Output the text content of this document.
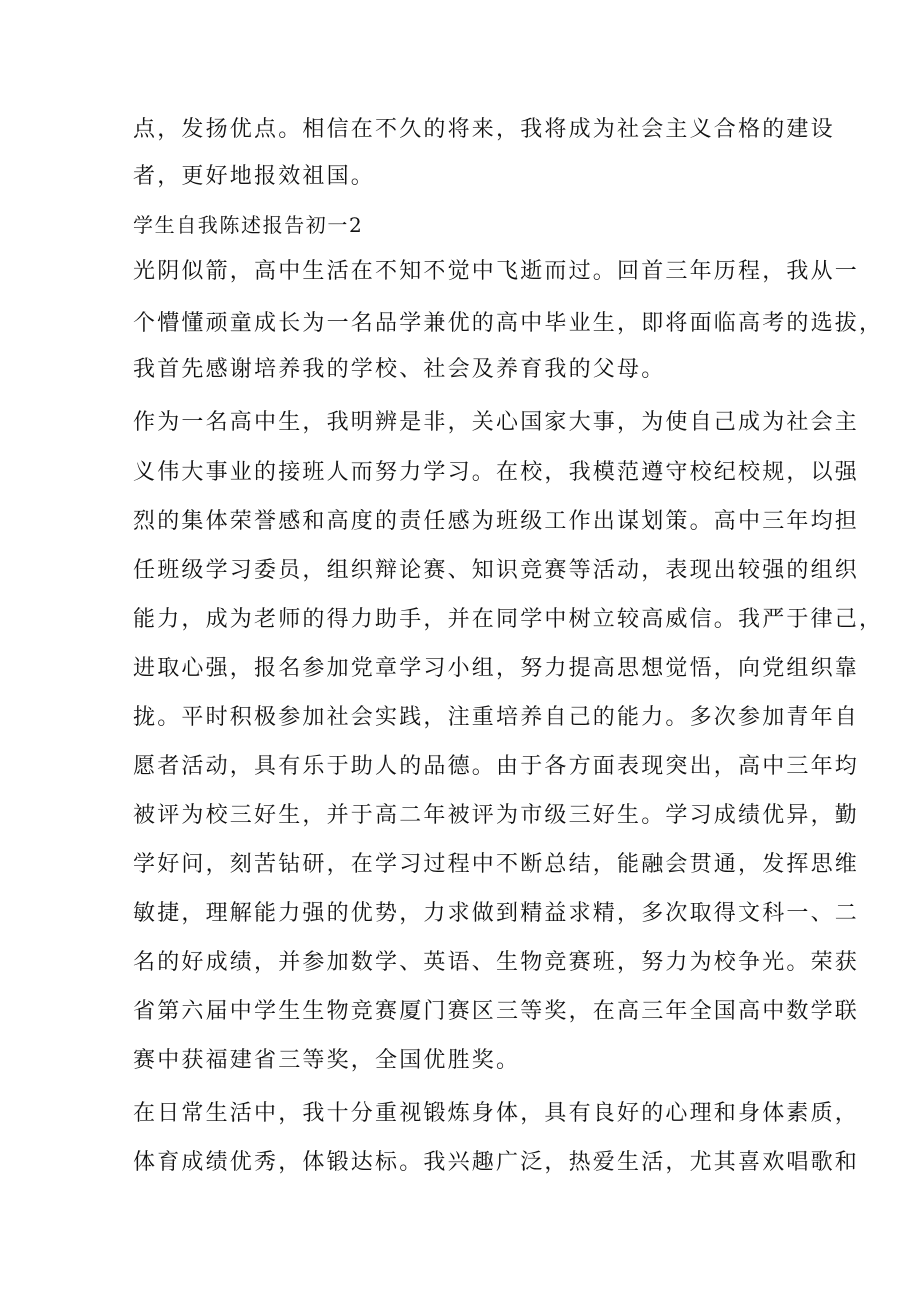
点，发扬优点。相信在不久的将来，我将成为社会主义合格的建设
者，更好地报效祖国。
学生自我陈述报告初一2
光阴似箭，高中生活在不知不觉中飞逝而过。回首三年历程，我从一
个懵懂顽童成长为一名品学兼优的高中毕业生，即将面临高考的选拔，
我首先感谢培养我的学校、社会及养育我的父母。
作为一名高中生，我明辨是非，关心国家大事，为使自己成为社会主
义伟大事业的接班人而努力学习。在校，我模范遵守校纪校规，以强
烈的集体荣誉感和高度的责任感为班级工作出谋划策。高中三年均担
任班级学习委员，组织辩论赛、知识竞赛等活动，表现出较强的组织
能力，成为老师的得力助手，并在同学中树立较高威信。我严于律己，
进取心强，报名参加党章学习小组，努力提高思想觉悟，向党组织靠
拢。平时积极参加社会实践，注重培养自己的能力。多次参加青年自
愿者活动，具有乐于助人的品德。由于各方面表现突出，高中三年均
被评为校三好生，并于高二年被评为市级三好生。学习成绩优异，勤
学好问，刻苦钻研，在学习过程中不断总结，能融会贯通，发挥思维
敏捷，理解能力强的优势，力求做到精益求精，多次取得文科一、二
名的好成绩，并参加数学、英语、生物竞赛班，努力为校争光。荣获
省第六届中学生生物竞赛厦门赛区三等奖，在高三年全国高中数学联
赛中获福建省三等奖，全国优胜奖。
在日常生活中，我十分重视锻炼身体，具有良好的心理和身体素质，
体育成绩优秀，体锻达标。我兴趣广泛，热爱生活，尤其喜欢唱歌和
